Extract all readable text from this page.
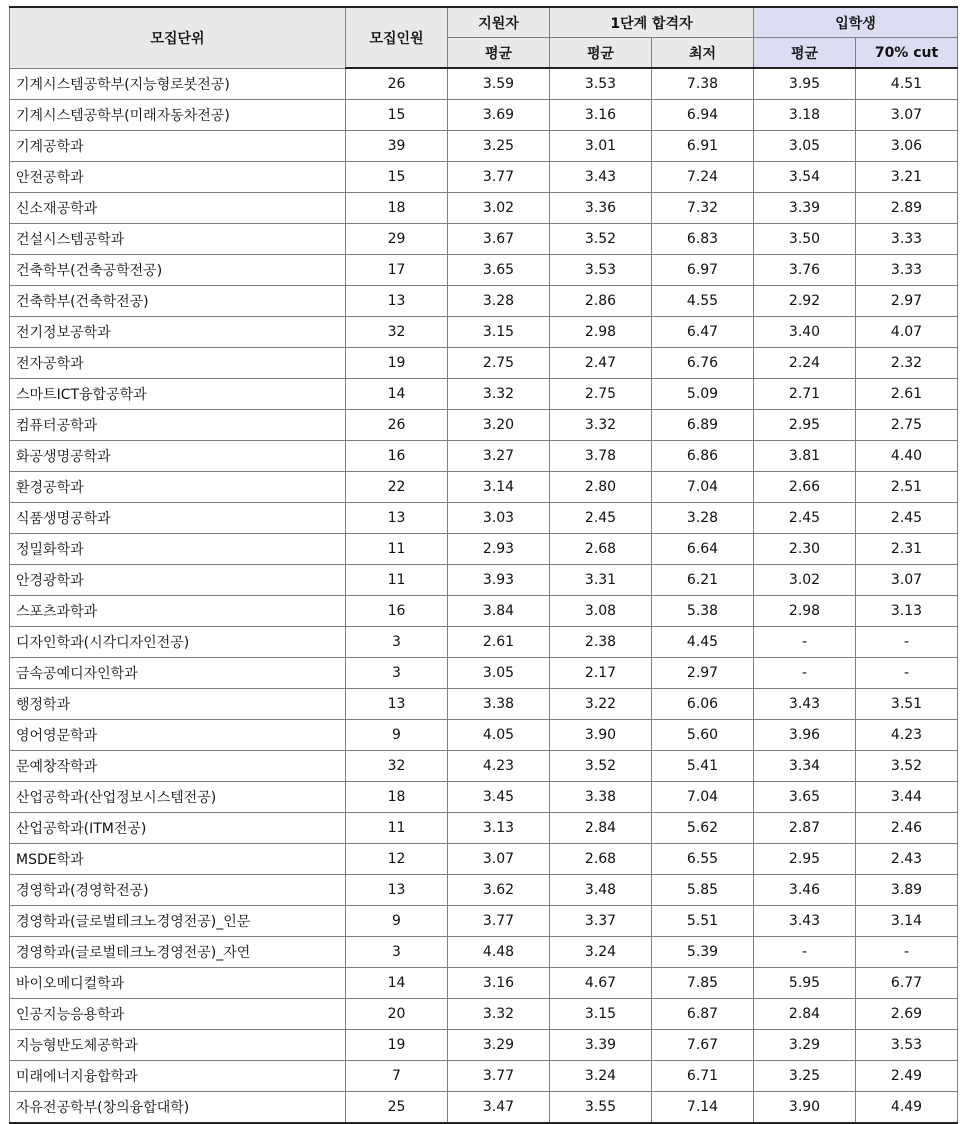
모집단위	모집인원	지원자	1단계 합격자		입학생	
		평균	평균	최저	평균	70% cut
기계시스템공학부(지능형로봇전공)	26	3.59	3.53	7.38	3.95	4.51
기계시스템공학부(미래자동차전공)	15	3.69	3.16	6.94	3.18	3.07
기계공학과	39	3.25	3.01	6.91	3.05	3.06
안전공학과	15	3.77	3.43	7.24	3.54	3.21
신소재공학과	18	3.02	3.36	7.32	3.39	2.89
건설시스템공학과	29	3.67	3.52	6.83	3.50	3.33
건축학부(건축공학전공)	17	3.65	3.53	6.97	3.76	3.33
건축학부(건축학전공)	13	3.28	2.86	4.55	2.92	2.97
전기정보공학과	32	3.15	2.98	6.47	3.40	4.07
전자공학과	19	2.75	2.47	6.76	2.24	2.32
스마트ICT융합공학과	14	3.32	2.75	5.09	2.71	2.61
컴퓨터공학과	26	3.20	3.32	6.89	2.95	2.75
화공생명공학과	16	3.27	3.78	6.86	3.81	4.40
환경공학과	22	3.14	2.80	7.04	2.66	2.51
식품생명공학과	13	3.03	2.45	3.28	2.45	2.45
정밀화학과	11	2.93	2.68	6.64	2.30	2.31
안경광학과	11	3.93	3.31	6.21	3.02	3.07
스포츠과학과	16	3.84	3.08	5.38	2.98	3.13
디자인학과(시각디자인전공)	3	2.61	2.38	4.45	-	-
금속공예디자인학과	3	3.05	2.17	2.97	-	-
행정학과	13	3.38	3.22	6.06	3.43	3.51
영어영문학과	9	4.05	3.90	5.60	3.96	4.23
문예창작학과	32	4.23	3.52	5.41	3.34	3.52
산업공학과(산업정보시스템전공)	18	3.45	3.38	7.04	3.65	3.44
산업공학과(ITM전공)	11	3.13	2.84	5.62	2.87	2.46
MSDE학과	12	3.07	2.68	6.55	2.95	2.43
경영학과(경영학전공)	13	3.62	3.48	5.85	3.46	3.89
경영학과(글로벌테크노경영전공)_인문	9	3.77	3.37	5.51	3.43	3.14
경영학과(글로벌테크노경영전공)_자연	3	4.48	3.24	5.39	-	-
바이오메디컬학과	14	3.16	4.67	7.85	5.95	6.77
인공지능응용학과	20	3.32	3.15	6.87	2.84	2.69
지능형반도체공학과	19	3.29	3.39	7.67	3.29	3.53
미래에너지융합학과	7	3.77	3.24	6.71	3.25	2.49
자유전공학부(창의융합대학)	25	3.47	3.55	7.14	3.90	4.49
